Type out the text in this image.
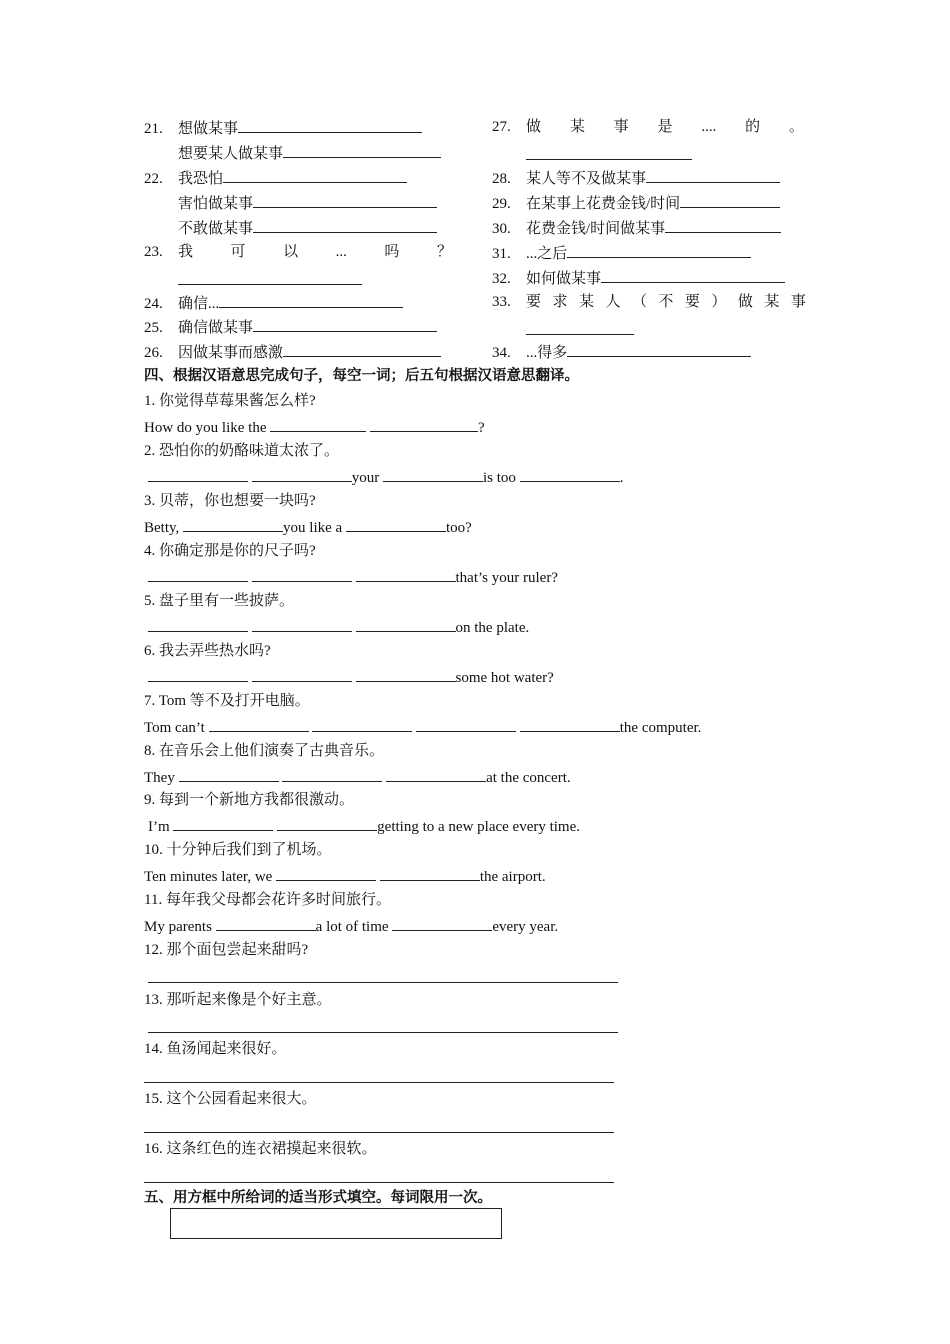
21. 想做某事
想要某人做某事
22. 我恐怕
害怕做某事
不敢做某事
23.	我	可	以	...	吗	？
24. 确信...
25. 确信做某事
26. 因做某事而感激
27.	做 某 事 是 .... 的 。
28. 某人等不及做某事
29. 在某事上花费金钱/时间
30. 花费金钱/时间做某事
31. ...之后
32. 如何做某事
33.	要 求 某 人 （ 不 要 ） 做 某 事
34. ...得多
四、根据汉语意思完成句子，每空一词；后五句根据汉语意思翻译。
1. 你觉得草莓果酱怎么样?
How do you like the	?
2. 恐怕你的奶酪味道太浓了。
your	is too	.
3. 贝蒂，你也想要一块吗?
Betty,	you like a	too?
4. 你确定那是你的尺子吗?
that’s your ruler?
5. 盘子里有一些披萨。
on the plate.
6. 我去弄些热水吗?
some hot water?
7. Tom 等不及打开电脑。
Tom can’t	the computer.
8. 在音乐会上他们演奏了古典音乐。
They	at the concert.
9. 每到一个新地方我都很激动。
I’m	getting to a new place every time.
10. 十分钟后我们到了机场。
Ten minutes later, we	the airport.
11. 每年我父母都会花许多时间旅行。
My parents	a lot of time	every year.
12. 那个面包尝起来甜吗?
13. 那听起来像是个好主意。
14. 鱼汤闻起来很好。
15. 这个公园看起来很大。
16. 这条红色的连衣裙摸起来很软。
五、用方框中所给词的适当形式填空。每词限用一次。
